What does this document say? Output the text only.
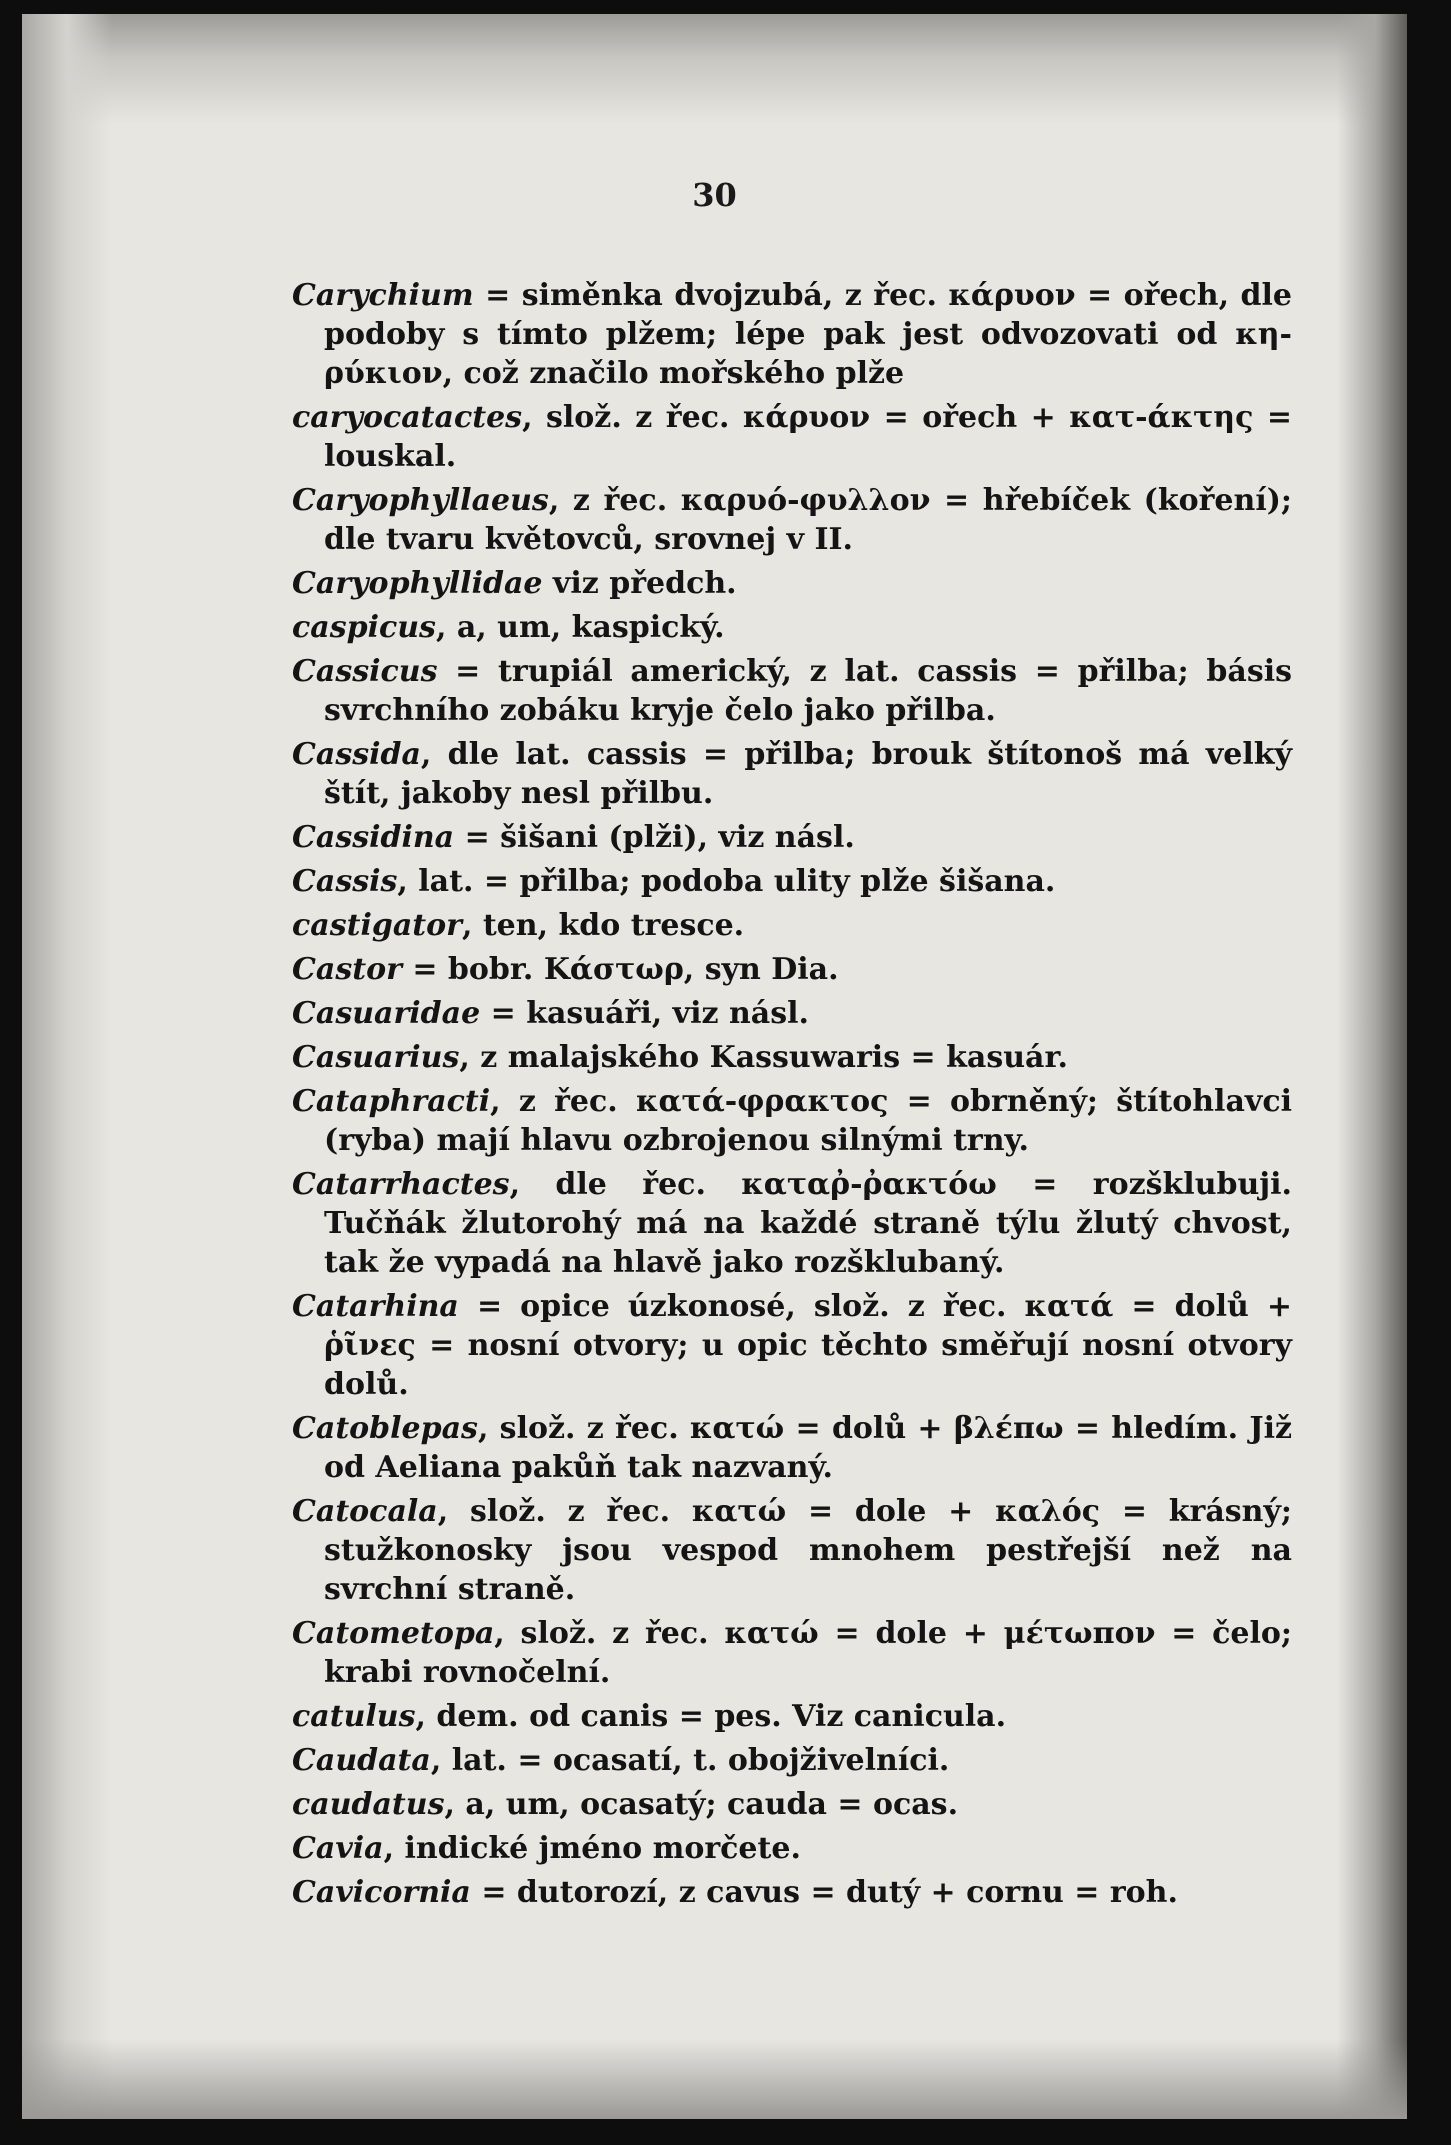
30

Carychium = siměnka dvojzubá, z řec. κάρυον = ořech, dle podoby s tímto plžem; lépe pak jest odvozovati od κη-ρύκιον, což značilo mořského plže

caryocatactes, slož. z řec. κάρυον = ořech + κατ-άκτης = louskal.

Caryophyllaeus, z řec. καρυό-φυλλον = hřebíček (koření); dle tvaru květovců, srovnej v II.

Caryophyllidae viz předch.

caspicus, a, um, kaspický.

Cassicus = trupiál americký, z lat. cassis = přilba; básis svrchního zobáku kryje čelo jako přilba.

Cassida, dle lat. cassis = přilba; brouk štítonoš má velký štít, jakoby nesl přilbu.

Cassidina = šišani (plži), viz násl.

Cassis, lat. = přilba; podoba ulity plže šišana.

castigator, ten, kdo tresce.

Castor = bobr. Κάστωρ, syn Dia.

Casuaridae = kasuáři, viz násl.

Casuarius, z malajského Kassuwaris = kasuár.

Cataphracti, z řec. κατά-φρακτος = obrněný; štítohlavci (ryba) mají hlavu ozbrojenou silnými trny.

Catarrhactes, dle řec. καταῤ-ῤακτόω = rozšklubuji. Tučňák žlutorohý má na každé straně týlu žlutý chvost, tak že vypadá na hlavě jako rozšklubaný.

Catarhina = opice úzkonosé, slož. z řec. κατά = dolů + ῥῖνες = nosní otvory; u opic těchto směřují nosní otvory dolů.

Catoblepas, slož. z řec. κατώ = dolů + βλέπω = hledím. Již od Aeliana pakůň tak nazvaný.

Catocala, slož. z řec. κατώ = dole + καλός = krásný; stužkonosky jsou vespod mnohem pestřejší než na svrchní straně.

Catometopa, slož. z řec. κατώ = dole + μέτωπον = čelo; krabi rovnočelní.

catulus, dem. od canis = pes. Viz canicula.

Caudata, lat. = ocasatí, t. obojživelníci.

caudatus, a, um, ocasatý; cauda = ocas.

Cavia, indické jméno morčete.

Cavicornia = dutorozí, z cavus = dutý + cornu = roh.
